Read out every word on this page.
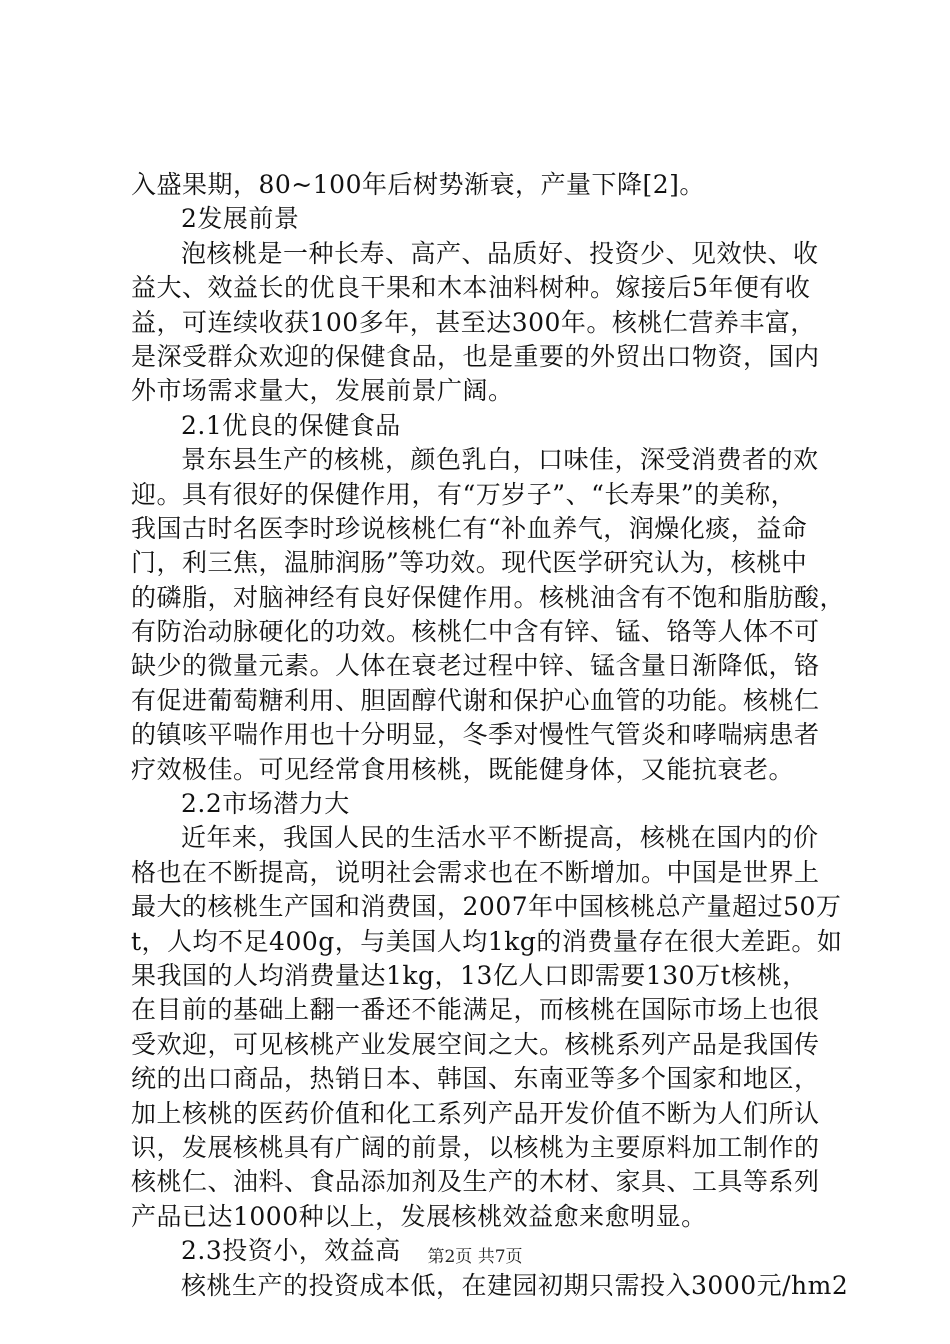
入盛果期，80~100年后树势渐衰，产量下降[2]。
2发展前景
泡核桃是一种长寿、高产、品质好、投资少、见效快、收
益大、效益长的优良干果和木本油料树种。嫁接后5年便有收
益，可连续收获100多年，甚至达300年。核桃仁营养丰富，
是深受群众欢迎的保健食品，也是重要的外贸出口物资，国内
外市场需求量大，发展前景广阔。
2.1优良的保健食品
景东县生产的核桃，颜色乳白，口味佳，深受消费者的欢
迎。具有很好的保健作用，有“万岁子”、“长寿果”的美称，
我国古时名医李时珍说核桃仁有“补血养气，润燥化痰，益命
门，利三焦，温肺润肠”等功效。现代医学研究认为，核桃中
的磷脂，对脑神经有良好保健作用。核桃油含有不饱和脂肪酸，
有防治动脉硬化的功效。核桃仁中含有锌、锰、铬等人体不可
缺少的微量元素。人体在衰老过程中锌、锰含量日渐降低，铬
有促进葡萄糖利用、胆固醇代谢和保护心血管的功能。核桃仁
的镇咳平喘作用也十分明显，冬季对慢性气管炎和哮喘病患者
疗效极佳。可见经常食用核桃，既能健身体，又能抗衰老。
2.2市场潜力大
近年来，我国人民的生活水平不断提高，核桃在国内的价
格也在不断提高，说明社会需求也在不断增加。中国是世界上
最大的核桃生产国和消费国，2007年中国核桃总产量超过50万
t，人均不足400g，与美国人均1kg的消费量存在很大差距。如
果我国的人均消费量达1kg，13亿人口即需要130万t核桃，
在目前的基础上翻一番还不能满足，而核桃在国际市场上也很
受欢迎，可见核桃产业发展空间之大。核桃系列产品是我国传
统的出口商品，热销日本、韩国、东南亚等多个国家和地区，
加上核桃的医药价值和化工系列产品开发价值不断为人们所认
识，发展核桃具有广阔的前景，以核桃为主要原料加工制作的
核桃仁、油料、食品添加剂及生产的木材、家具、工具等系列
产品已达1000种以上，发展核桃效益愈来愈明显。
2.3投资小，效益高
核桃生产的投资成本低，在建园初期只需投入3000元/hm2
第2页 共7页
